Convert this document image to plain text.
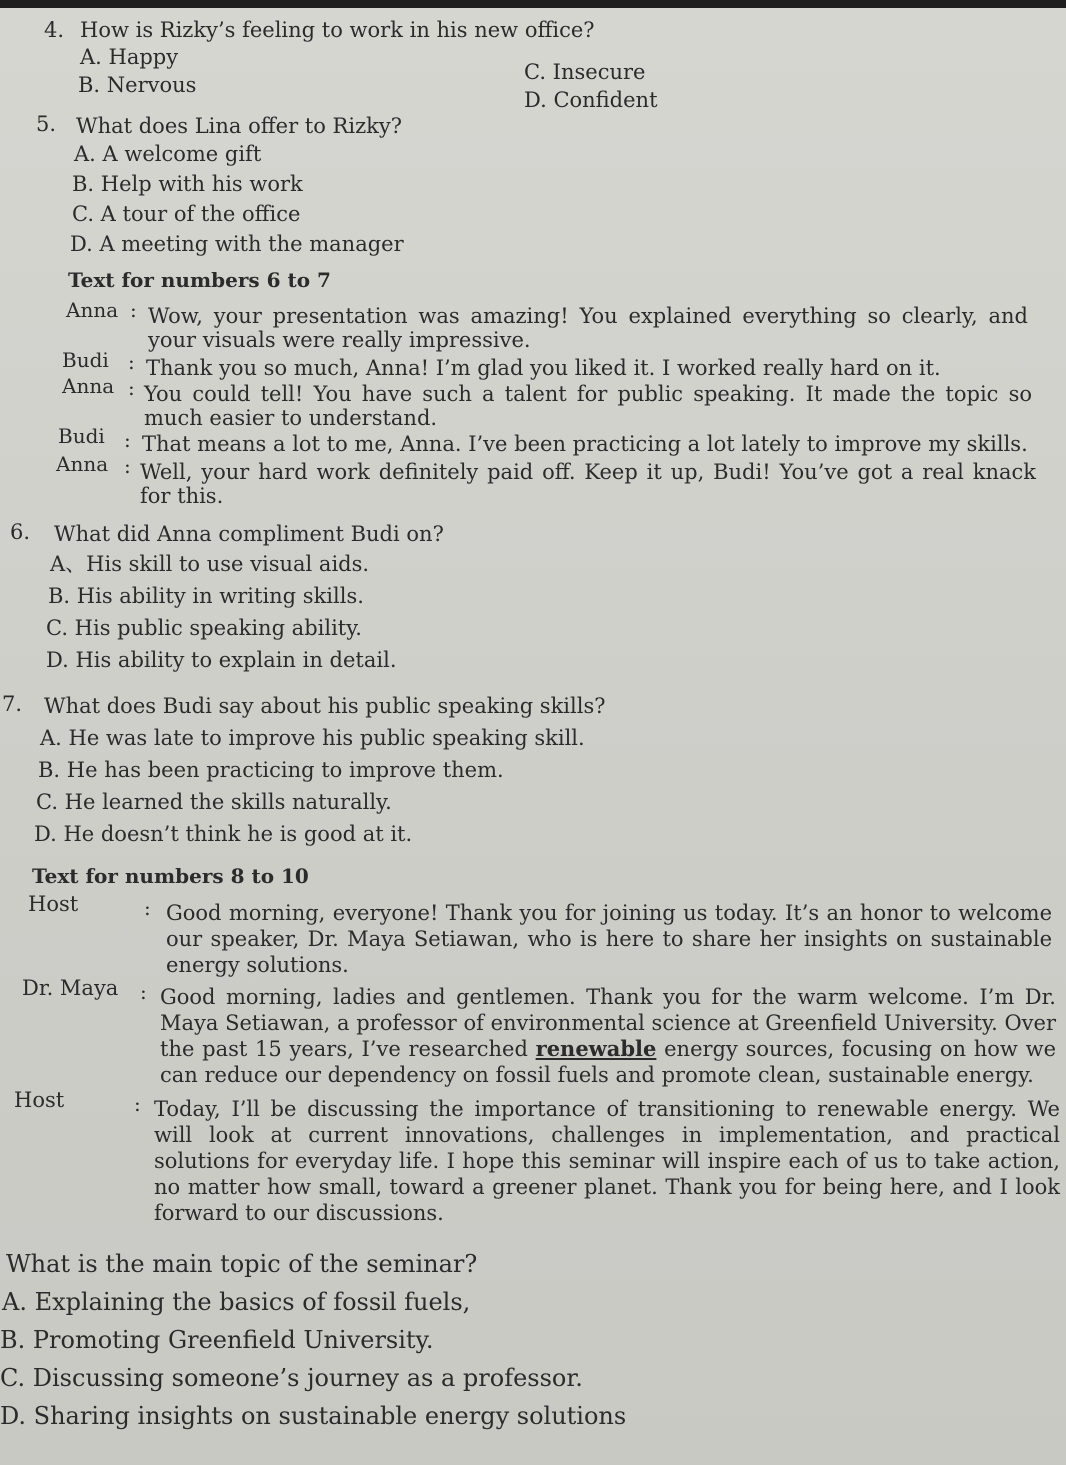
4. How is Rizky’s feeling to work in his new office?
A. Happy
B. Nervous
C. Insecure
D. Confident
5. What does Lina offer to Rizky?
A. A welcome gift
B. Help with his work
C. A tour of the office
D. A meeting with the manager
Text for numbers 6 to 7
Anna : Wow, your presentation was amazing! You explained everything so clearly, and your visuals were really impressive.
Budi : Thank you so much, Anna! I’m glad you liked it. I worked really hard on it.
Anna : You could tell! You have such a talent for public speaking. It made the topic so much easier to understand.
Budi : That means a lot to me, Anna. I’ve been practicing a lot lately to improve my skills.
Anna : Well, your hard work definitely paid off. Keep it up, Budi! You’ve got a real knack for this.
6. What did Anna compliment Budi on?
A、His skill to use visual aids.
B. His ability in writing skills.
C. His public speaking ability.
D. His ability to explain in detail.
7. What does Budi say about his public speaking skills?
A. He was late to improve his public speaking skill.
B. He has been practicing to improve them.
C. He learned the skills naturally.
D. He doesn’t think he is good at it.
Text for numbers 8 to 10
Host	: Good morning, everyone! Thank you for joining us today. It’s an honor to welcome our speaker, Dr. Maya Setiawan, who is here to share her insights on sustainable energy solutions.
Dr. Maya : Good morning, ladies and gentlemen. Thank you for the warm welcome. I’m Dr. Maya Setiawan, a professor of environmental science at Greenfield University. Over the past 15 years, I’ve researched renewable energy sources, focusing on how we can reduce our dependency on fossil fuels and promote clean, sustainable energy.
Host	: Today, I’ll be discussing the importance of transitioning to renewable energy. We will look at current innovations, challenges in implementation, and practical solutions for everyday life. I hope this seminar will inspire each of us to take action, no matter how small, toward a greener planet. Thank you for being here, and I look forward to our discussions.
What is the main topic of the seminar?
A. Explaining the basics of fossil fuels,
B. Promoting Greenfield University.
C. Discussing someone’s journey as a professor.
D. Sharing insights on sustainable energy solutions
